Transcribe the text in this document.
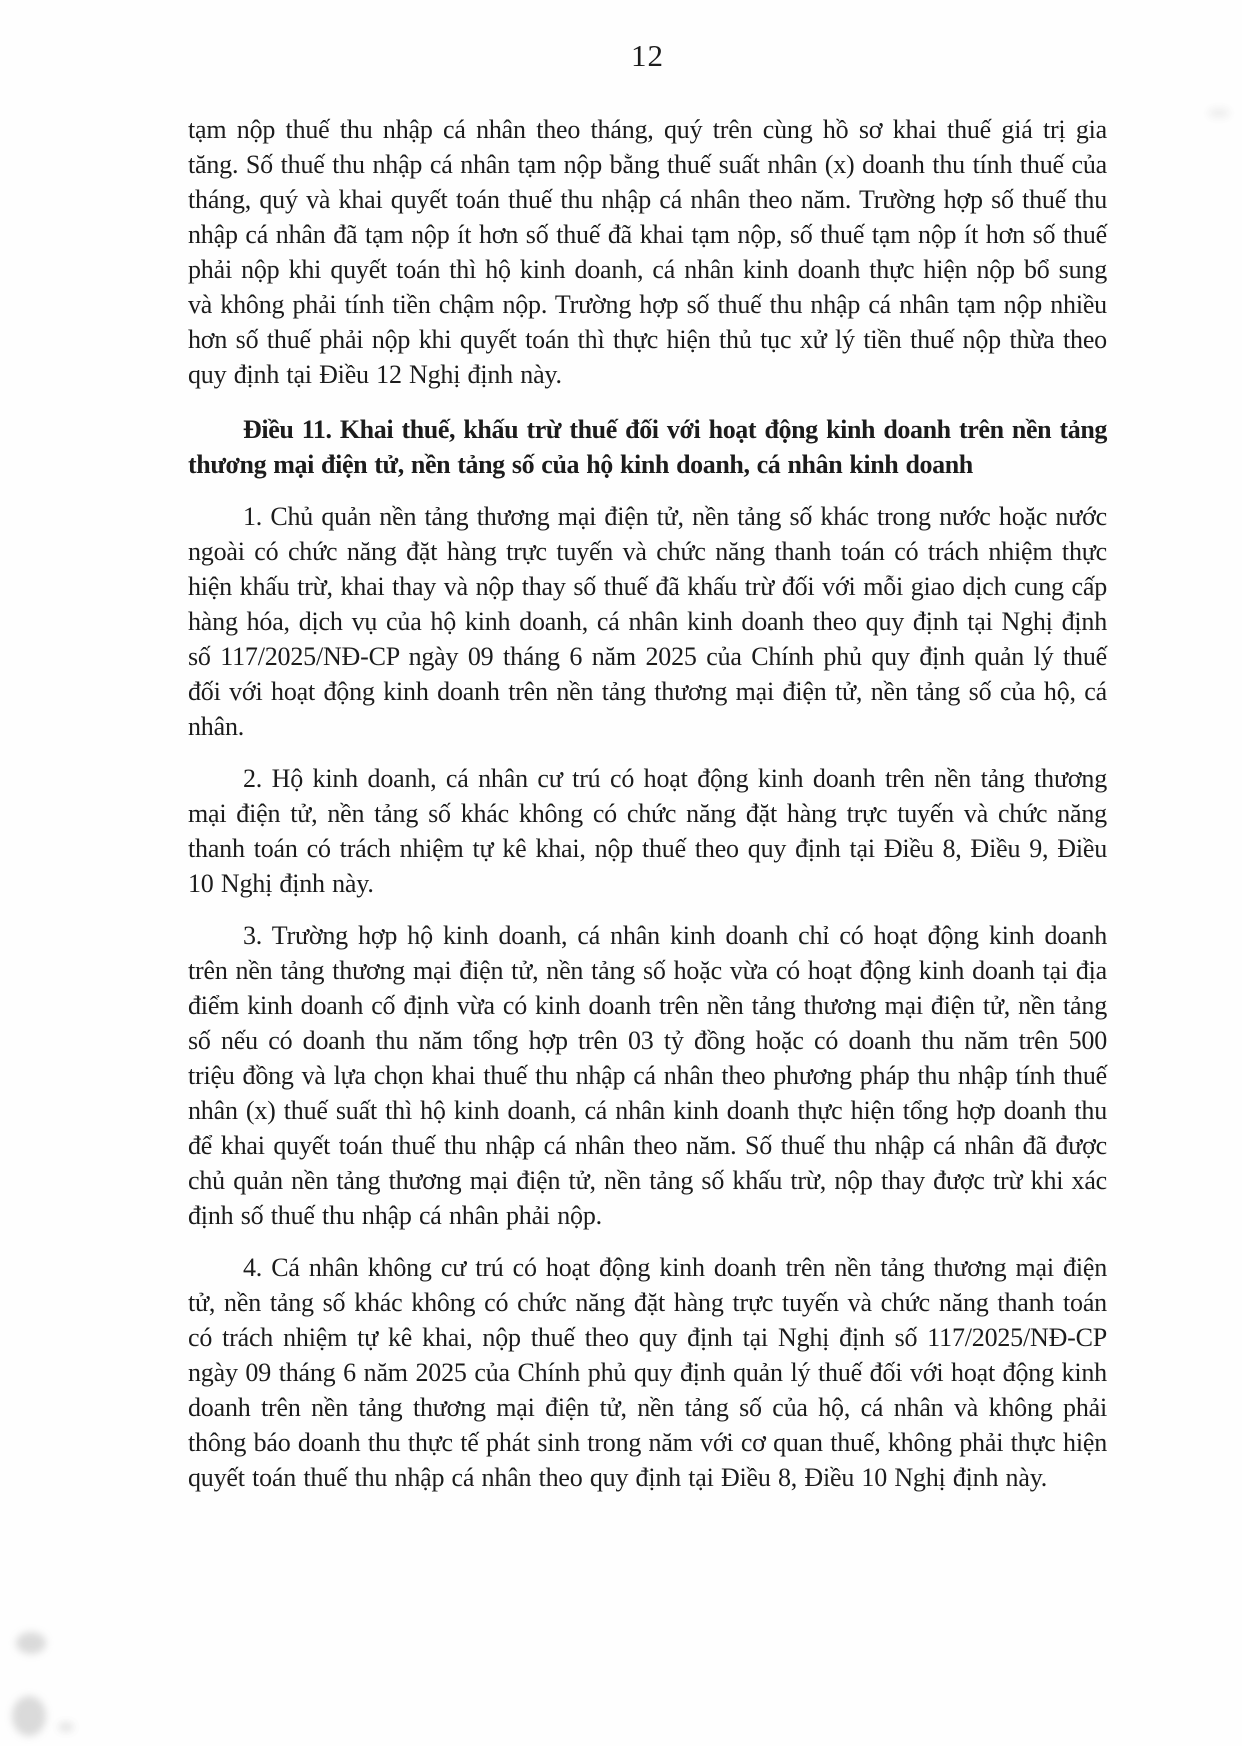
12

tạm nộp thuế thu nhập cá nhân theo tháng, quý trên cùng hồ sơ khai thuế giá trị gia tăng. Số thuế thu nhập cá nhân tạm nộp bằng thuế suất nhân (x) doanh thu tính thuế của tháng, quý và khai quyết toán thuế thu nhập cá nhân theo năm. Trường hợp số thuế thu nhập cá nhân đã tạm nộp ít hơn số thuế đã khai tạm nộp, số thuế tạm nộp ít hơn số thuế phải nộp khi quyết toán thì hộ kinh doanh, cá nhân kinh doanh thực hiện nộp bổ sung và không phải tính tiền chậm nộp. Trường hợp số thuế thu nhập cá nhân tạm nộp nhiều hơn số thuế phải nộp khi quyết toán thì thực hiện thủ tục xử lý tiền thuế nộp thừa theo quy định tại Điều 12 Nghị định này.

Điều 11. Khai thuế, khấu trừ thuế đối với hoạt động kinh doanh trên nền tảng thương mại điện tử, nền tảng số của hộ kinh doanh, cá nhân kinh doanh

1. Chủ quản nền tảng thương mại điện tử, nền tảng số khác trong nước hoặc nước ngoài có chức năng đặt hàng trực tuyến và chức năng thanh toán có trách nhiệm thực hiện khấu trừ, khai thay và nộp thay số thuế đã khấu trừ đối với mỗi giao dịch cung cấp hàng hóa, dịch vụ của hộ kinh doanh, cá nhân kinh doanh theo quy định tại Nghị định số 117/2025/NĐ-CP ngày 09 tháng 6 năm 2025 của Chính phủ quy định quản lý thuế đối với hoạt động kinh doanh trên nền tảng thương mại điện tử, nền tảng số của hộ, cá nhân.

2. Hộ kinh doanh, cá nhân cư trú có hoạt động kinh doanh trên nền tảng thương mại điện tử, nền tảng số khác không có chức năng đặt hàng trực tuyến và chức năng thanh toán có trách nhiệm tự kê khai, nộp thuế theo quy định tại Điều 8, Điều 9, Điều 10 Nghị định này.

3. Trường hợp hộ kinh doanh, cá nhân kinh doanh chỉ có hoạt động kinh doanh trên nền tảng thương mại điện tử, nền tảng số hoặc vừa có hoạt động kinh doanh tại địa điểm kinh doanh cố định vừa có kinh doanh trên nền tảng thương mại điện tử, nền tảng số nếu có doanh thu năm tổng hợp trên 03 tỷ đồng hoặc có doanh thu năm trên 500 triệu đồng và lựa chọn khai thuế thu nhập cá nhân theo phương pháp thu nhập tính thuế nhân (x) thuế suất thì hộ kinh doanh, cá nhân kinh doanh thực hiện tổng hợp doanh thu để khai quyết toán thuế thu nhập cá nhân theo năm. Số thuế thu nhập cá nhân đã được chủ quản nền tảng thương mại điện tử, nền tảng số khấu trừ, nộp thay được trừ khi xác định số thuế thu nhập cá nhân phải nộp.

4. Cá nhân không cư trú có hoạt động kinh doanh trên nền tảng thương mại điện tử, nền tảng số khác không có chức năng đặt hàng trực tuyến và chức năng thanh toán có trách nhiệm tự kê khai, nộp thuế theo quy định tại Nghị định số 117/2025/NĐ-CP ngày 09 tháng 6 năm 2025 của Chính phủ quy định quản lý thuế đối với hoạt động kinh doanh trên nền tảng thương mại điện tử, nền tảng số của hộ, cá nhân và không phải thông báo doanh thu thực tế phát sinh trong năm với cơ quan thuế, không phải thực hiện quyết toán thuế thu nhập cá nhân theo quy định tại Điều 8, Điều 10 Nghị định này.
